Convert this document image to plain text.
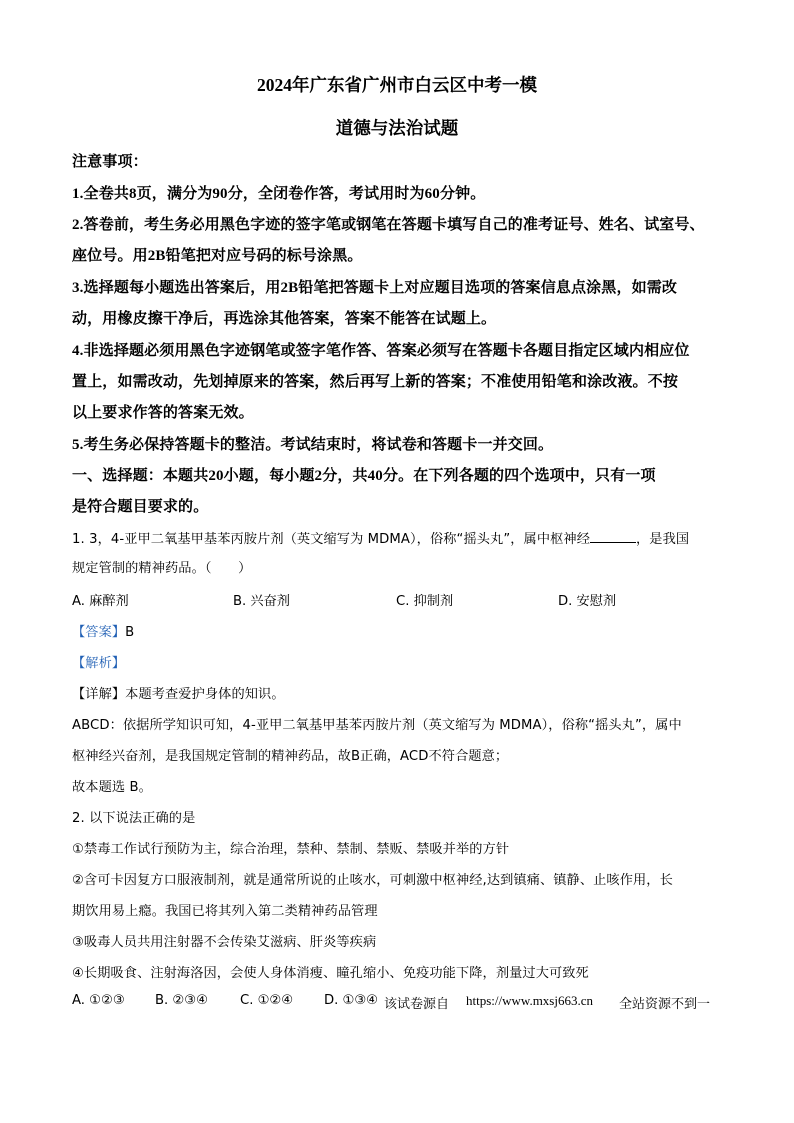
2024年广东省广州市白云区中考一模
道德与法治试题
注意事项：
1.全卷共8页，满分为90分，全闭卷作答，考试用时为60分钟。
2.答卷前，考生务必用黑色字迹的签字笔或钢笔在答题卡填写自己的准考证号、姓名、试室号、
座位号。用2B铅笔把对应号码的标号涂黑。
3.选择题每小题选出答案后，用2B铅笔把答题卡上对应题目选项的答案信息点涂黑，如需改
动，用橡皮擦干净后，再选涂其他答案，答案不能答在试题上。
4.非选择题必须用黑色字迹钢笔或签字笔作答、答案必须写在答题卡各题目指定区域内相应位
置上，如需改动，先划掉原来的答案，然后再写上新的答案；不准使用铅笔和涂改液。不按
以上要求作答的答案无效。
5.考生务必保持答题卡的整洁。考试结束时，将试卷和答题卡一并交回。
一、选择题：本题共20小题，每小题2分，共40分。在下列各题的四个选项中，只有一项
是符合题目要求的。
1. 3，4-亚甲二氧基甲基苯丙胺片剂（英文缩写为 MDMA），俗称“摇头丸”，属中枢神经	，是我国
规定管制的精神药品。（　　）
A. 麻醉剂	B. 兴奋剂	C. 抑制剂	D. 安慰剂
【答案】B
【解析】
【详解】本题考查爱护身体的知识。
ABCD：依据所学知识可知，4-亚甲二氧基甲基苯丙胺片剂（英文缩写为 MDMA），俗称“摇头丸”，属中
枢神经兴奋剂，是我国规定管制的精神药品，故B正确，ACD不符合题意；
故本题选 B。
2. 以下说法正确的是
①禁毒工作试行预防为主，综合治理，禁种、禁制、禁贩、禁吸并举的方针
②含可卡因复方口服液制剂，就是通常所说的止咳水，可刺激中枢神经,达到镇痛、镇静、止咳作用，长
期饮用易上瘾。我国已将其列入第二类精神药品管理
③吸毒人员共用注射器不会传染艾滋病、肝炎等疾病
④长期吸食、注射海洛因，会使人身体消瘦、瞳孔缩小、免疫功能下降，剂量过大可致死
A. ①②③ B. ②③④ C. ①②④ D. ①③④ 该试卷源自 https://www.mxsj663.cn 全站资源不到一
